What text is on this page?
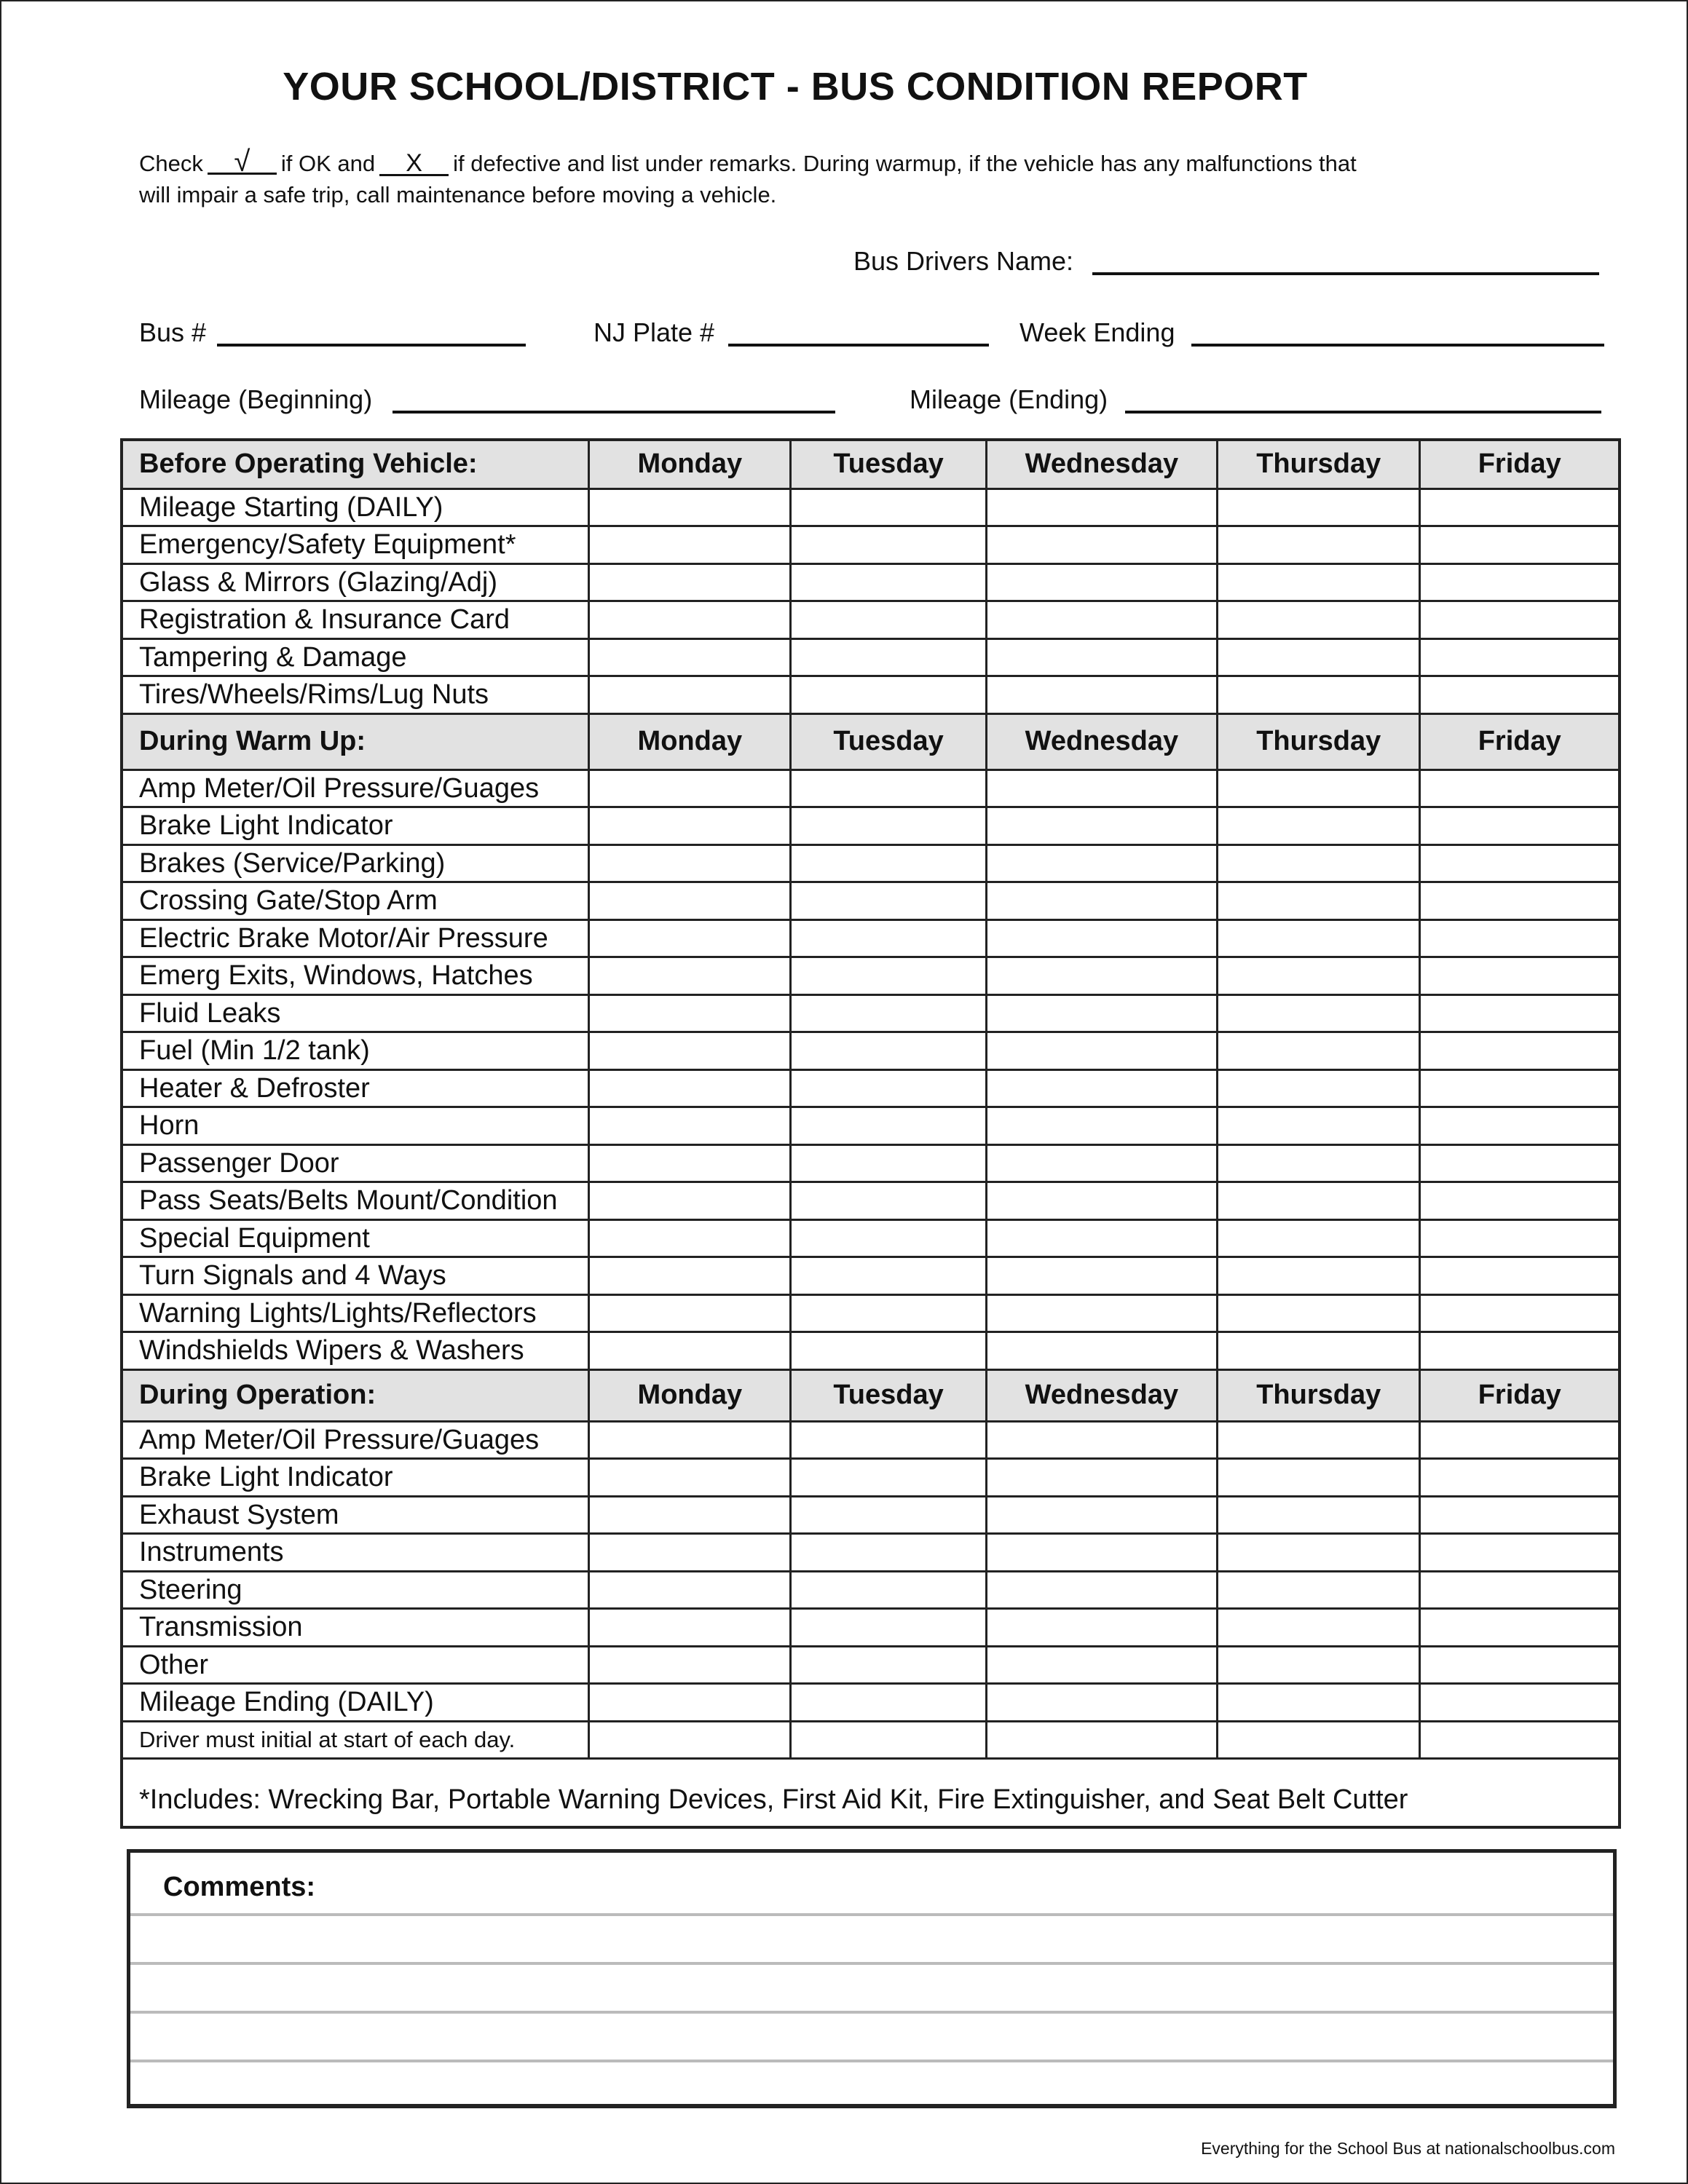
YOUR SCHOOL/DISTRICT - BUS CONDITION REPORT
Check √ if OK and X if defective and list under remarks. During warmup, if the vehicle has any malfunctions that
will impair a safe trip, call maintenance before moving a vehicle.
Bus Drivers Name:
Bus #	NJ Plate #	Week Ending
Mileage (Beginning)	Mileage (Ending)
Before Operating Vehicle:	Monday	Tuesday	Wednesday	Thursday	Friday
Mileage Starting (DAILY)					
Emergency/Safety Equipment*					
Glass & Mirrors (Glazing/Adj)					
Registration & Insurance Card					
Tampering & Damage					
Tires/Wheels/Rims/Lug Nuts					
During Warm Up:	Monday	Tuesday	Wednesday	Thursday	Friday
Amp Meter/Oil Pressure/Guages					
Brake Light Indicator					
Brakes (Service/Parking)					
Crossing Gate/Stop Arm					
Electric Brake Motor/Air Pressure					
Emerg Exits, Windows, Hatches					
Fluid Leaks					
Fuel (Min 1/2 tank)					
Heater & Defroster					
Horn					
Passenger Door					
Pass Seats/Belts Mount/Condition					
Special Equipment					
Turn Signals and 4 Ways					
Warning Lights/Lights/Reflectors					
Windshields Wipers & Washers					
During Operation:	Monday	Tuesday	Wednesday	Thursday	Friday
Amp Meter/Oil Pressure/Guages					
Brake Light Indicator					
Exhaust System					
Instruments					
Steering					
Transmission					
Other					
Mileage Ending (DAILY)					
Driver must initial at start of each day.					
*Includes: Wrecking Bar, Portable Warning Devices, First Aid Kit, Fire Extinguisher, and Seat Belt Cutter					
Comments:
Everything for the School Bus at nationalschoolbus.com
